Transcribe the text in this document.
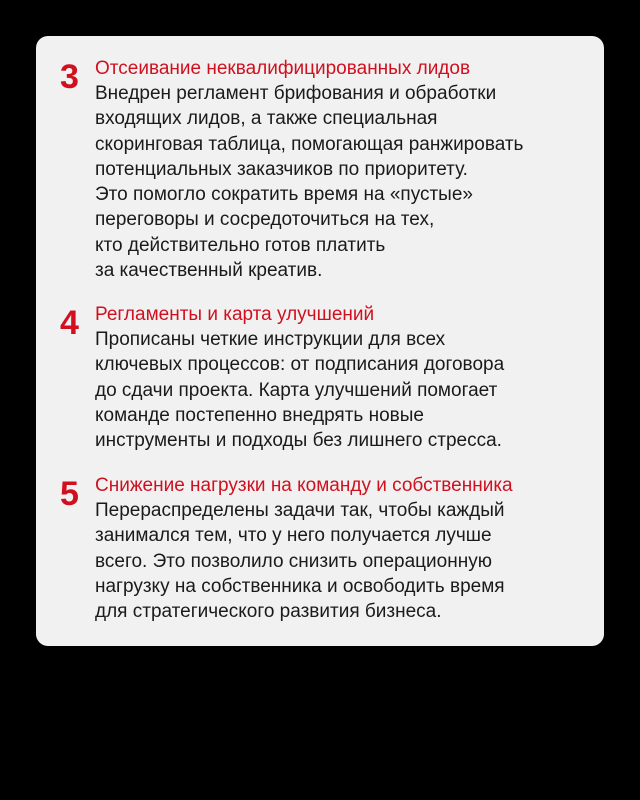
3 Отсеивание неквалифицированных лидов
Внедрен регламент брифования и обработки
входящих лидов, а также специальная
скоринговая таблица, помогающая ранжировать
потенциальных заказчиков по приоритету.
Это помогло сократить время на «пустые»
переговоры и сосредоточиться на тех,
кто действительно готов платить
за качественный креатив.
4 Регламенты и карта улучшений
Прописаны четкие инструкции для всех
ключевых процессов: от подписания договора
до сдачи проекта. Карта улучшений помогает
команде постепенно внедрять новые
инструменты и подходы без лишнего стресса.
5 Снижение нагрузки на команду и собственника
Перераспределены задачи так, чтобы каждый
занимался тем, что у него получается лучше
всего. Это позволило снизить операционную
нагрузку на собственника и освободить время
для стратегического развития бизнеса.
